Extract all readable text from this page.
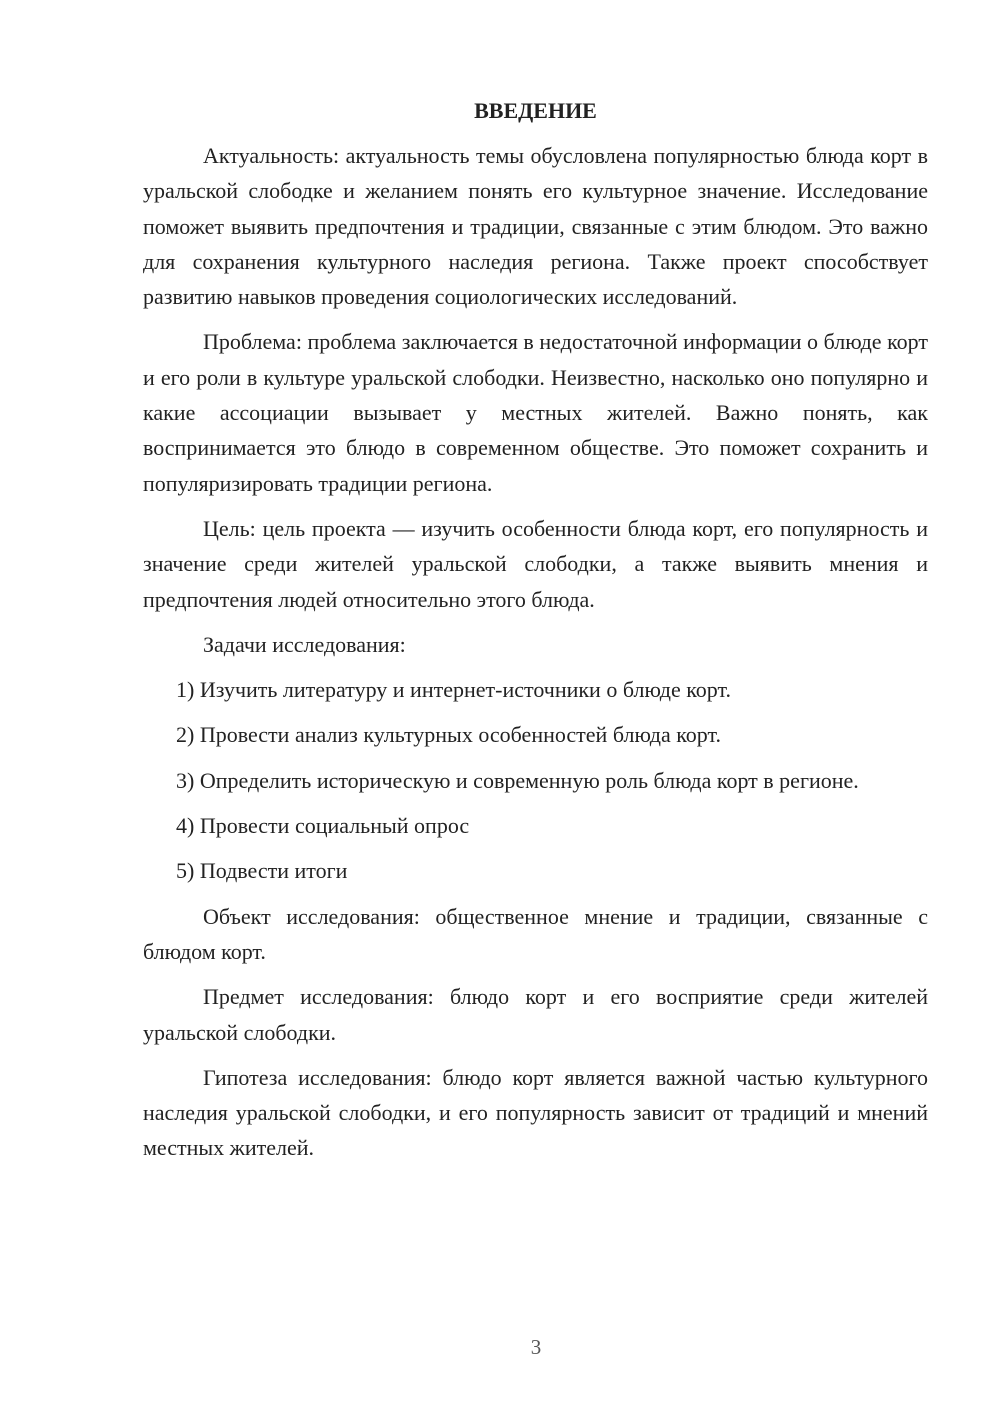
ВВЕДЕНИЕ

Актуальность: актуальность темы обусловлена популярностью блюда корт в уральской слободке и желанием понять его культурное значение. Исследование поможет выявить предпочтения и традиции, связанные с этим блюдом. Это важно для сохранения культурного наследия региона. Также проект способствует развитию навыков проведения социологических исследований.

Проблема: проблема заключается в недостаточной информации о блюде корт и его роли в культуре уральской слободки. Неизвестно, насколько оно популярно и какие ассоциации вызывает у местных жителей. Важно понять, как воспринимается это блюдо в современном обществе. Это поможет сохранить и популяризировать традиции региона.

Цель: цель проекта — изучить особенности блюда корт, его популярность и значение среди жителей уральской слободки, а также выявить мнения и предпочтения людей относительно этого блюда.

Задачи исследования:

1) Изучить литературу и интернет-источники о блюде корт.

2) Провести анализ культурных особенностей блюда корт.

3) Определить историческую и современную роль блюда корт в регионе.

4) Провести социальный опрос

5) Подвести итоги

Объект исследования: общественное мнение и традиции, связанные с блюдом корт.

Предмет исследования: блюдо корт и его восприятие среди жителей уральской слободки.

Гипотеза исследования: блюдо корт является важной частью культурного наследия уральской слободки, и его популярность зависит от традиций и мнений местных жителей.

3
